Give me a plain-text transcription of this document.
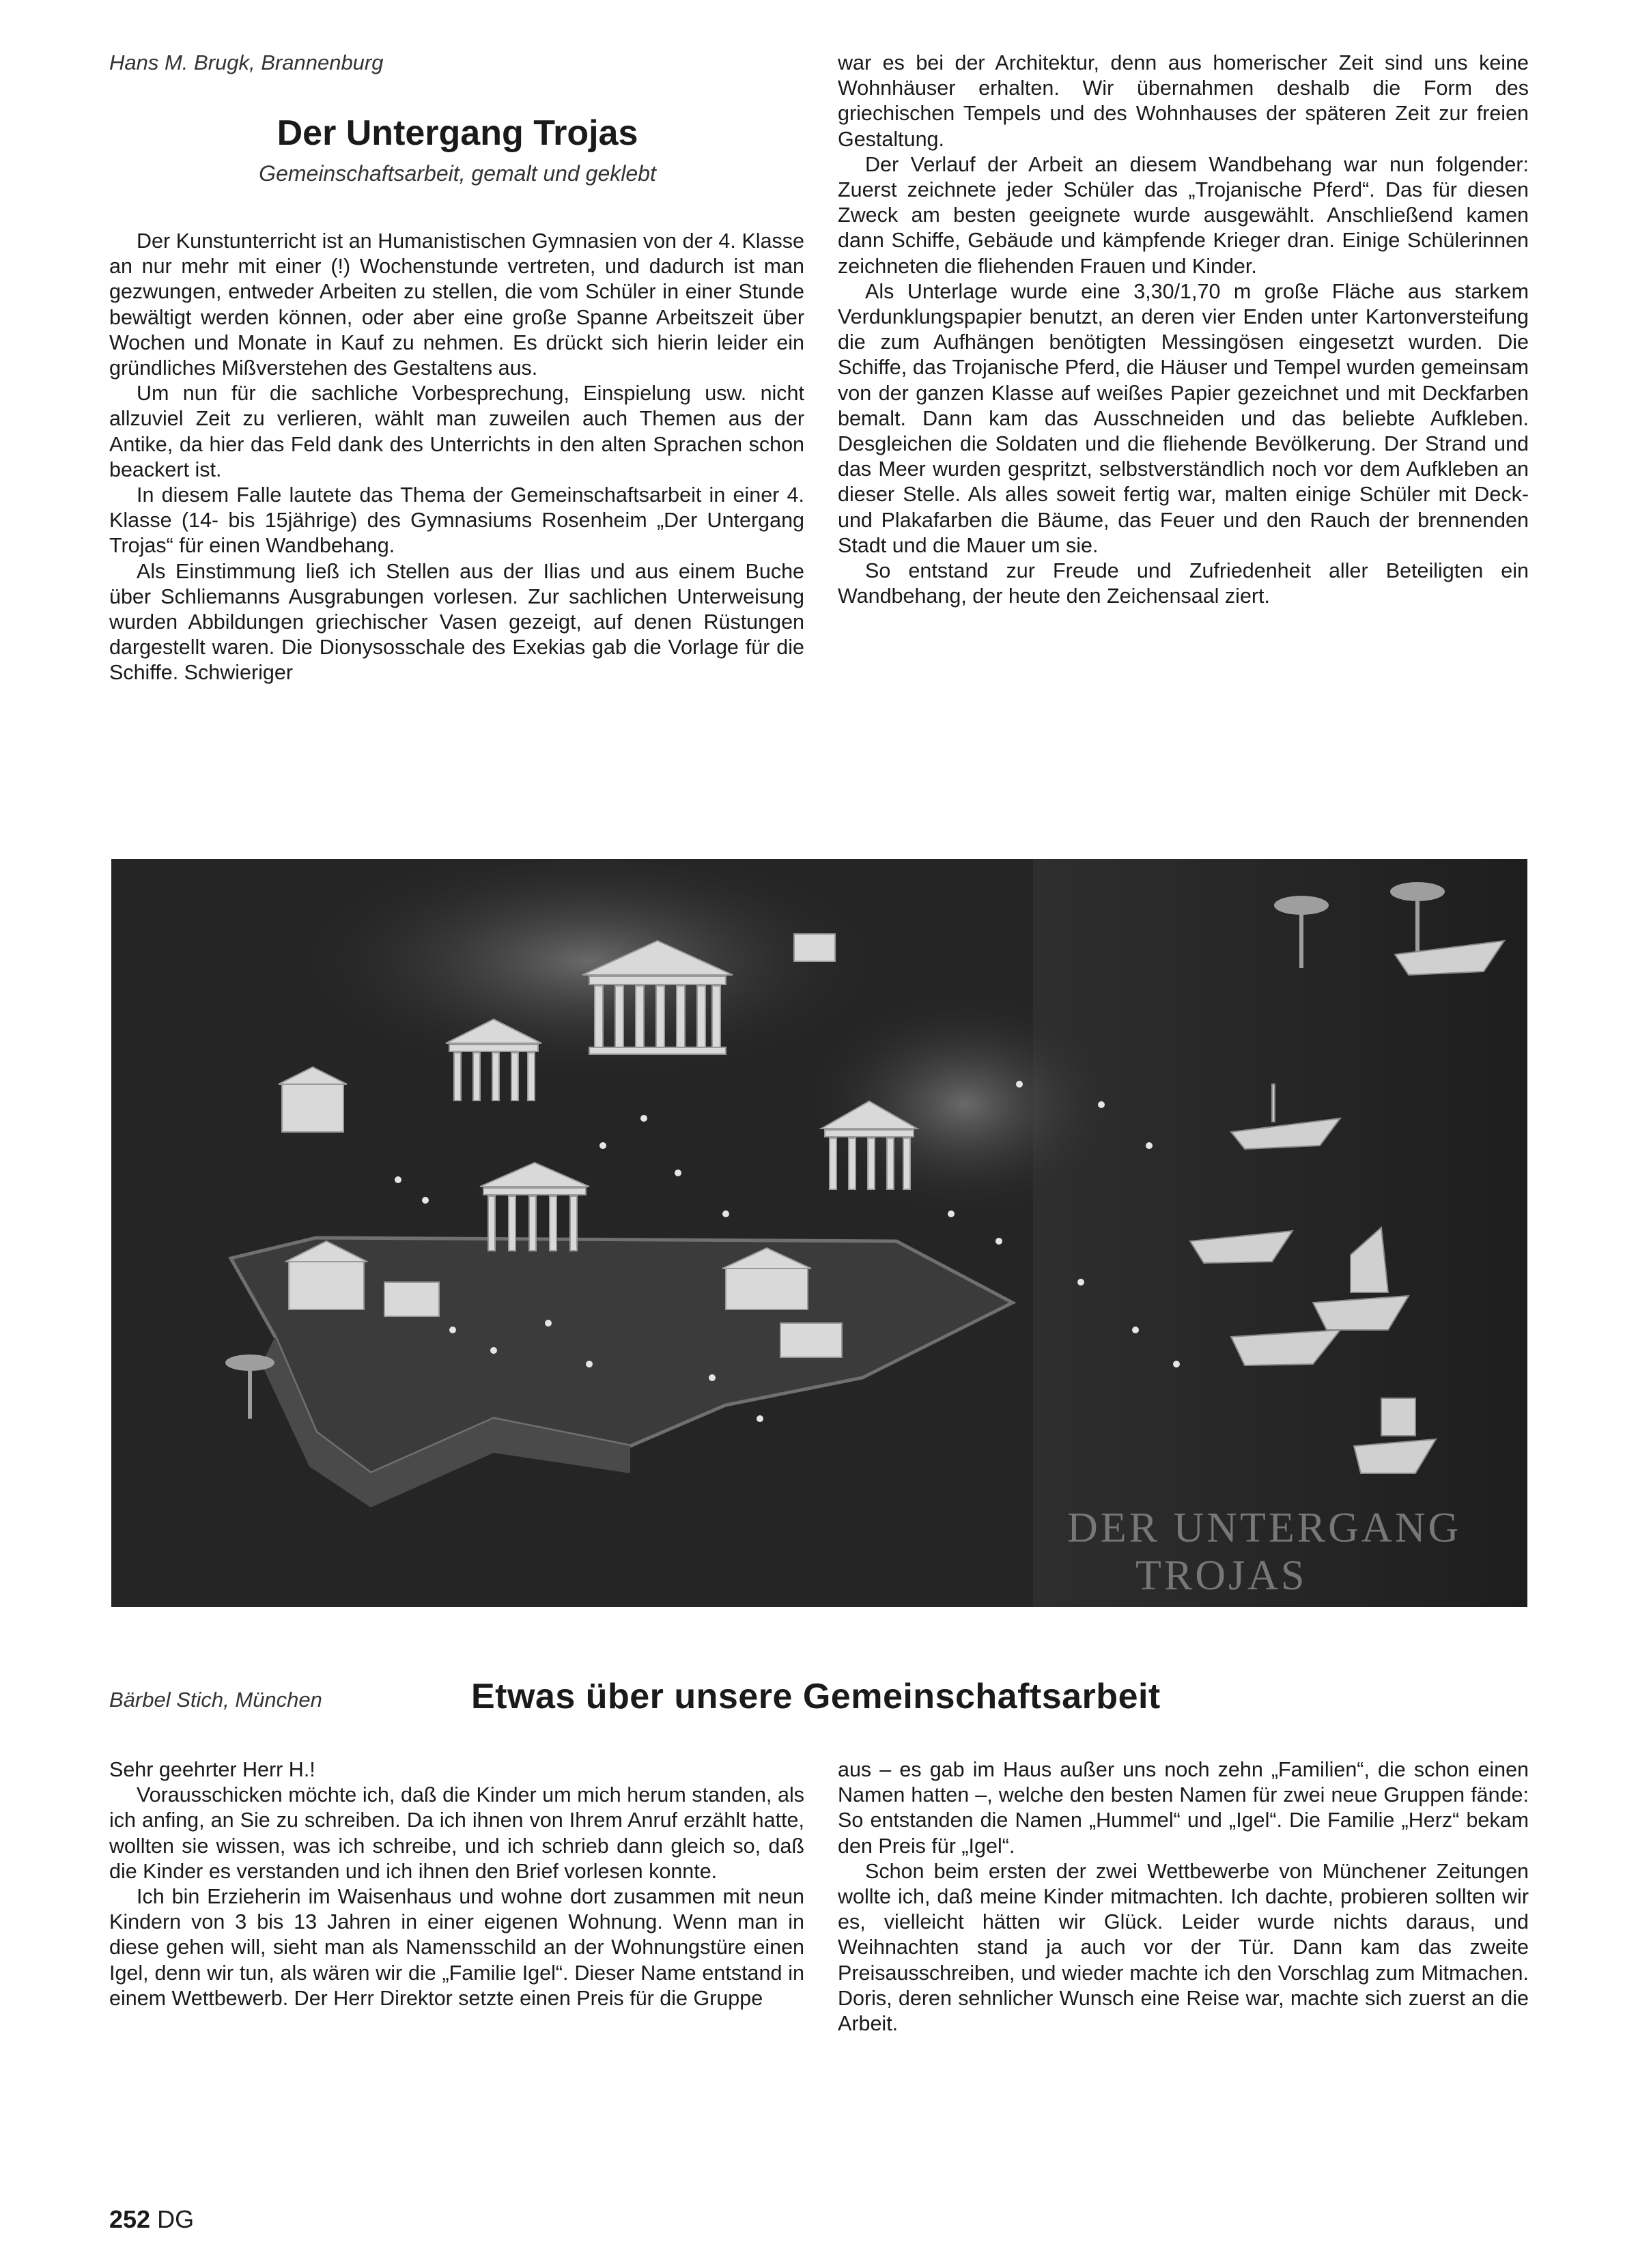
Hans M. Brugk, Brannenburg
Der Untergang Trojas
Gemeinschaftsarbeit, gemalt und geklebt

Der Kunstunterricht ist an Humanistischen Gymnasien von der 4. Klasse an nur mehr mit einer (!) Wochenstunde vertreten, und dadurch ist man gezwungen, entweder Arbeiten zu stellen, die vom Schüler in einer Stunde bewältigt werden können, oder aber eine große Spanne Arbeitszeit über Wochen und Monate in Kauf zu nehmen. Es drückt sich hierin leider ein gründliches Mißverstehen des Gestaltens aus.

Um nun für die sachliche Vorbesprechung, Einspielung usw. nicht allzuviel Zeit zu verlieren, wählt man zuweilen auch Themen aus der Antike, da hier das Feld dank des Unterrichts in den alten Sprachen schon beackert ist.

In diesem Falle lautete das Thema der Gemeinschaftsarbeit in einer 4. Klasse (14- bis 15jährige) des Gymnasiums Rosenheim „Der Untergang Trojas“ für einen Wandbehang.

Als Einstimmung ließ ich Stellen aus der Ilias und aus einem Buche über Schliemanns Ausgrabungen vorlesen. Zur sachlichen Unterweisung wurden Abbildungen griechischer Vasen gezeigt, auf denen Rüstungen dargestellt waren. Die Dionysosschale des Exekias gab die Vorlage für die Schiffe. Schwieriger

war es bei der Architektur, denn aus homerischer Zeit sind uns keine Wohnhäuser erhalten. Wir übernahmen deshalb die Form des griechischen Tempels und des Wohnhauses der späteren Zeit zur freien Gestaltung.

Der Verlauf der Arbeit an diesem Wandbehang war nun folgender: Zuerst zeichnete jeder Schüler das „Trojanische Pferd“. Das für diesen Zweck am besten geeignete wurde ausgewählt. Anschließend kamen dann Schiffe, Gebäude und kämpfende Krieger dran. Einige Schülerinnen zeichneten die fliehenden Frauen und Kinder.

Als Unterlage wurde eine 3,30/1,70 m große Fläche aus starkem Verdunklungspapier benutzt, an deren vier Enden unter Kartonversteifung die zum Aufhängen benötigten Messingösen eingesetzt wurden. Die Schiffe, das Trojanische Pferd, die Häuser und Tempel wurden gemeinsam von der ganzen Klasse auf weißes Papier gezeichnet und mit Deckfarben bemalt. Dann kam das Ausschneiden und das beliebte Aufkleben. Desgleichen die Soldaten und die fliehende Bevölkerung. Der Strand und das Meer wurden gespritzt, selbstverständlich noch vor dem Aufkleben an dieser Stelle. Als alles soweit fertig war, malten einige Schüler mit Deck- und Plakafarben die Bäume, das Feuer und den Rauch der brennenden Stadt und die Mauer um sie.

So entstand zur Freude und Zufriedenheit aller Beteiligten ein Wandbehang, der heute den Zeichensaal ziert.

DER UNTERGANG
TROJAS
Bärbel Stich, München	Etwas über unsere Gemeinschaftsarbeit

Sehr geehrter Herr H.!

Vorausschicken möchte ich, daß die Kinder um mich herum standen, als ich anfing, an Sie zu schreiben. Da ich ihnen von Ihrem Anruf erzählt hatte, wollten sie wissen, was ich schreibe, und ich schrieb dann gleich so, daß die Kinder es verstanden und ich ihnen den Brief vorlesen konnte.

Ich bin Erzieherin im Waisenhaus und wohne dort zusammen mit neun Kindern von 3 bis 13 Jahren in einer eigenen Wohnung. Wenn man in diese gehen will, sieht man als Namensschild an der Wohnungstüre einen Igel, denn wir tun, als wären wir die „Familie Igel“. Dieser Name entstand in einem Wettbewerb. Der Herr Direktor setzte einen Preis für die Gruppe

aus – es gab im Haus außer uns noch zehn „Familien“, die schon einen Namen hatten –, welche den besten Namen für zwei neue Gruppen fände: So entstanden die Namen „Hummel“ und „Igel“. Die Familie „Herz“ bekam den Preis für „Igel“.

Schon beim ersten der zwei Wettbewerbe von Münchener Zeitungen wollte ich, daß meine Kinder mitmachten. Ich dachte, probieren sollten wir es, vielleicht hätten wir Glück. Leider wurde nichts daraus, und Weihnachten stand ja auch vor der Tür. Dann kam das zweite Preisausschreiben, und wieder machte ich den Vorschlag zum Mitmachen. Doris, deren sehnlicher Wunsch eine Reise war, machte sich zuerst an die Arbeit.

252 DG
